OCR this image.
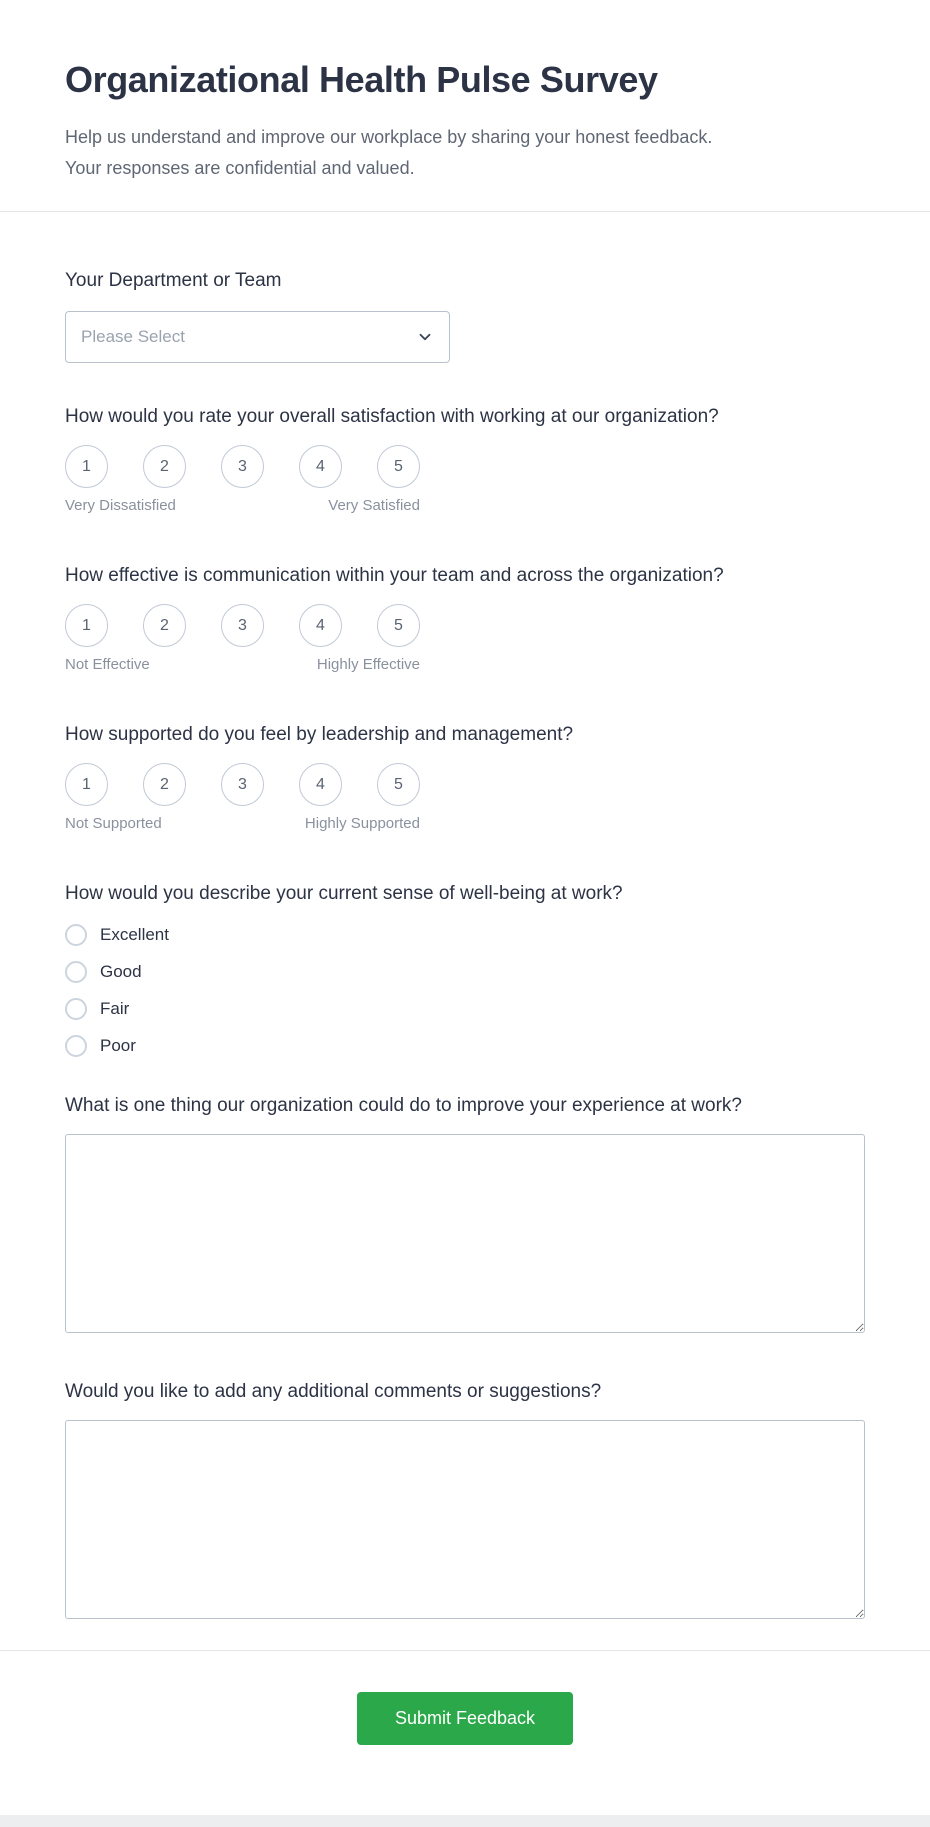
Organizational Health Pulse Survey

Help us understand and improve our workplace by sharing your honest feedback.
Your responses are confidential and valued.

Your Department or Team
Please Select
How would you rate your overall satisfaction with working at our organization?
1	2	3	4	5
Very Dissatisfied	Very Satisfied
How effective is communication within your team and across the organization?
1	2	3	4	5
Not Effective	Highly Effective
How supported do you feel by leadership and management?
1	2	3	4	5
Not Supported	Highly Supported
How would you describe your current sense of well-being at work?
Excellent
Good
Fair
Poor
What is one thing our organization could do to improve your experience at work?
Would you like to add any additional comments or suggestions?
Submit Feedback
